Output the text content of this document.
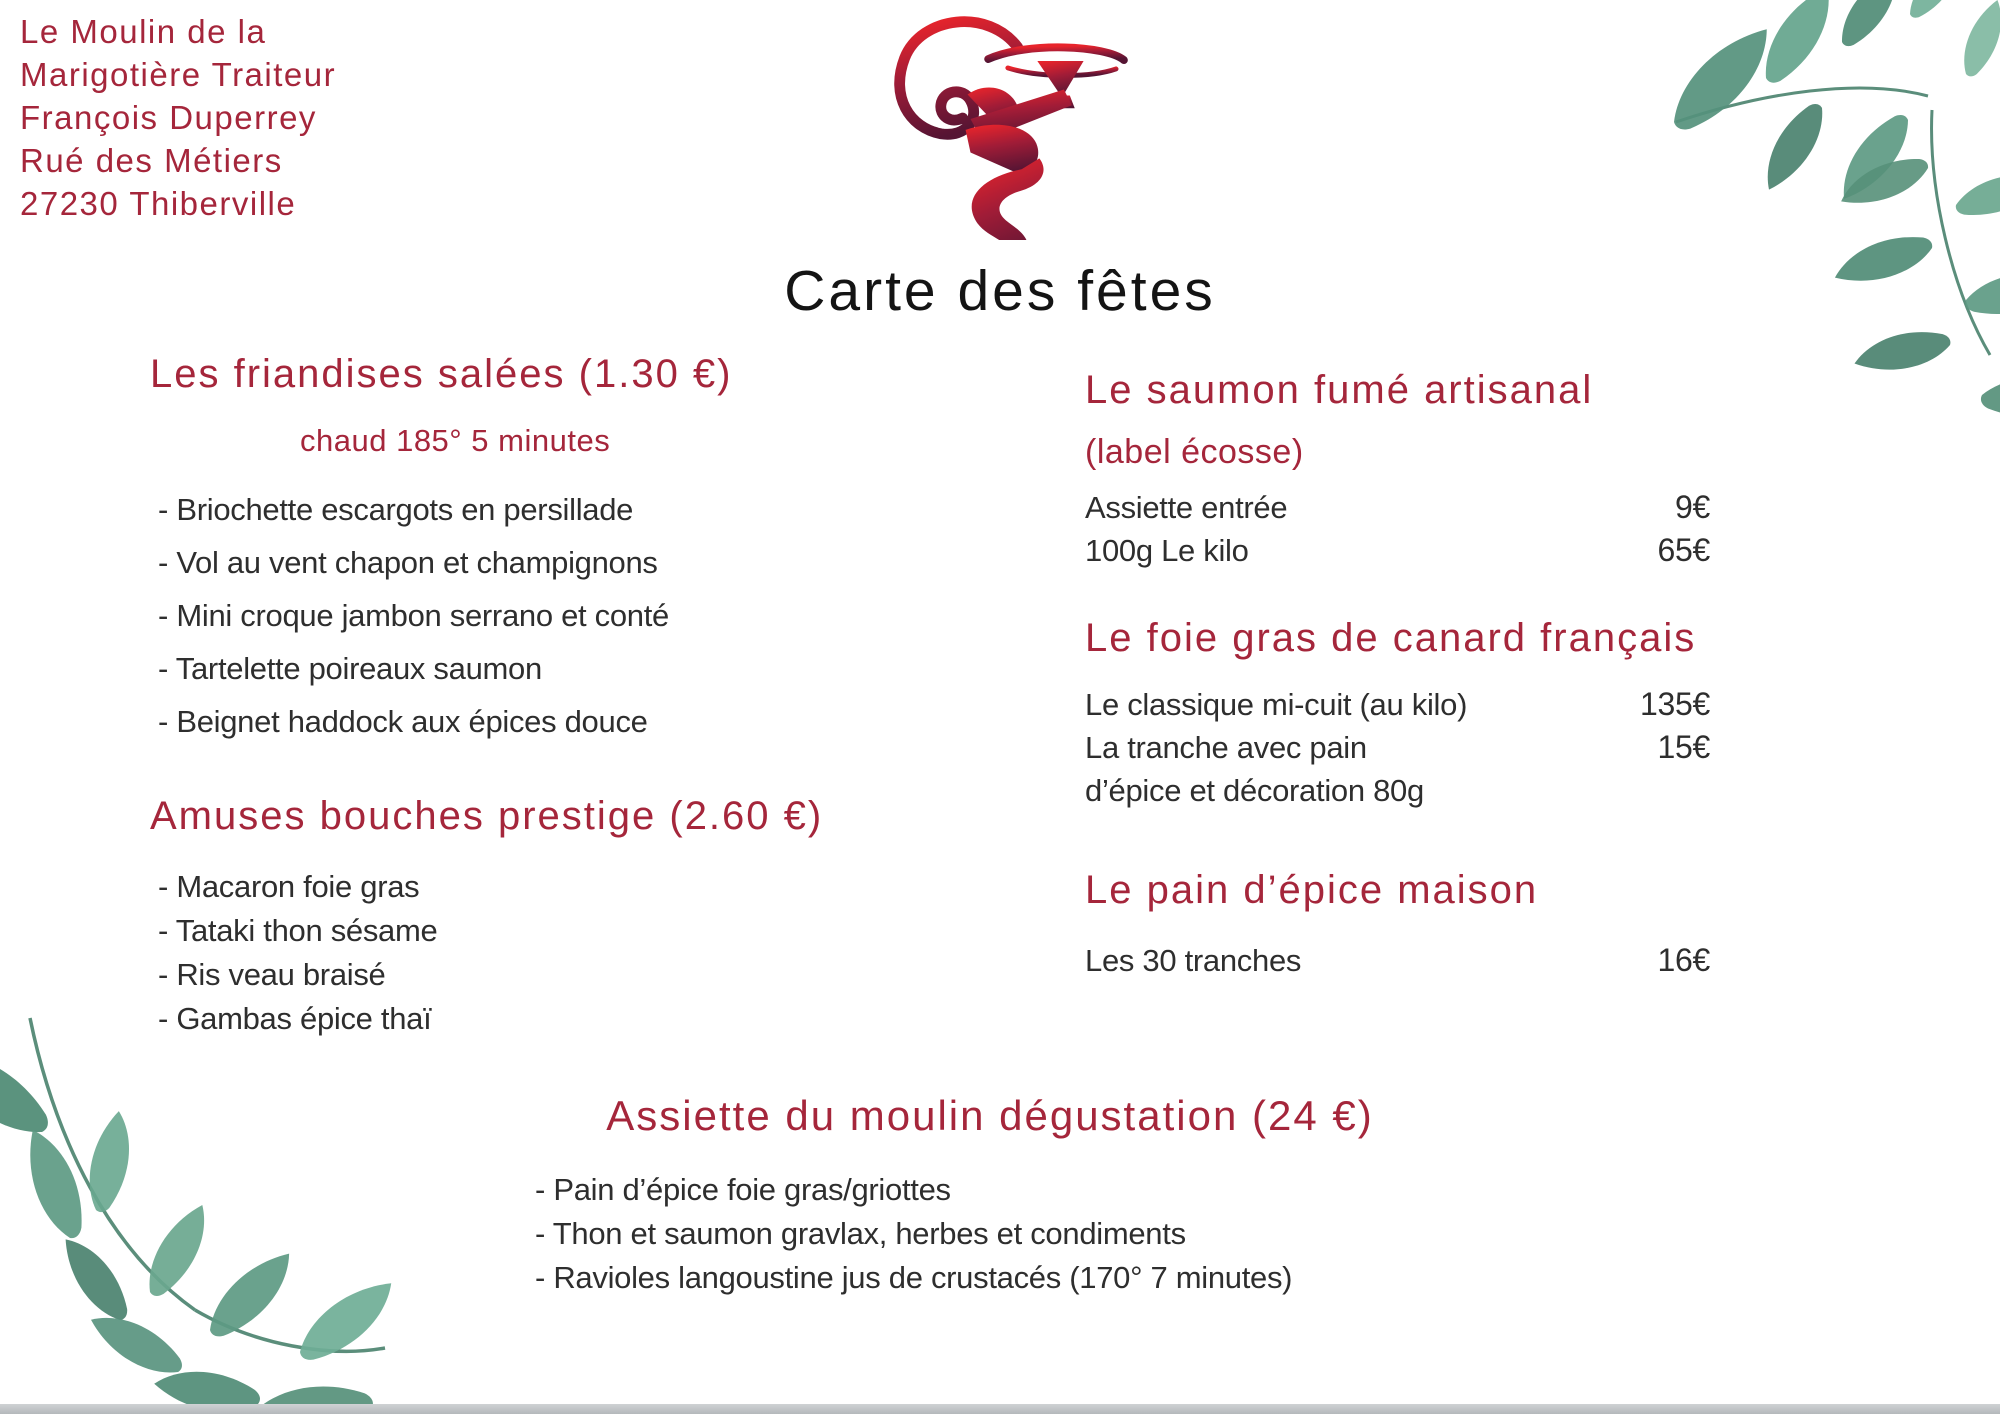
Le Moulin de la
Marigotière Traiteur
François Duperrey
Rué des Métiers
27230 Thiberville
Carte des fêtes
Les friandises salées (1.30 €)
chaud 185° 5 minutes
- Briochette escargots en persillade
- Vol au vent chapon et champignons
- Mini croque jambon serrano et conté
- Tartelette poireaux saumon
- Beignet haddock aux épices douce
Amuses bouches prestige (2.60 €)
- Macaron foie gras
- Tataki thon sésame
- Ris veau braisé
- Gambas épice thaï
Le saumon fumé artisanal
(label écosse)
Assiette entrée	9€
100g Le kilo	65€
Le foie gras de canard français
Le classique mi-cuit (au kilo)	135€
La tranche avec pain	15€
d’épice et décoration 80g
Le pain d’épice maison
Les 30 tranches	16€
Assiette du moulin dégustation (24 €)
- Pain d’épice foie gras/griottes
- Thon et saumon gravlax, herbes et condiments
- Ravioles langoustine jus de crustacés (170° 7 minutes)
